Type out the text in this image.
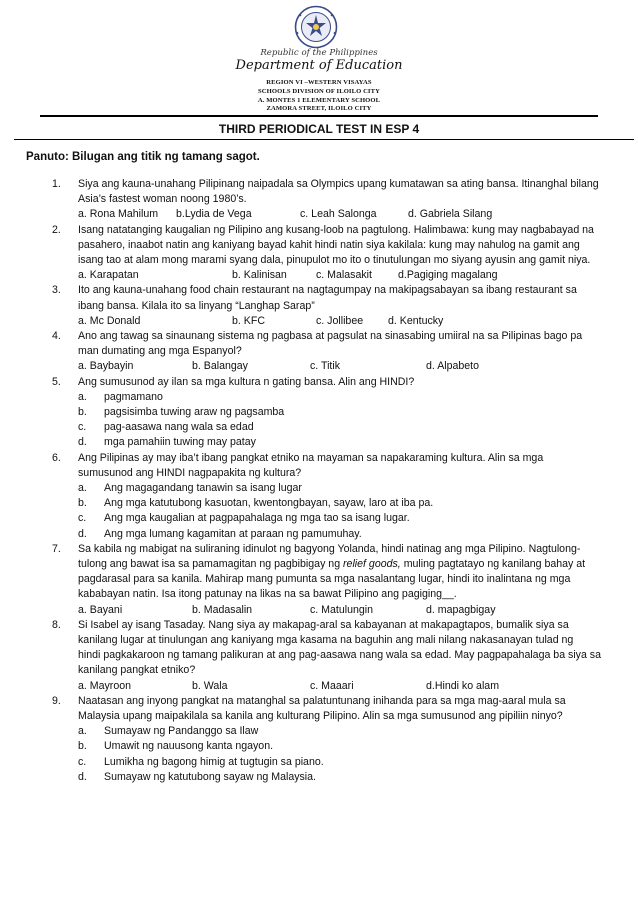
Republic of the Philippines
Department of Education
REGION VI –WESTERN VISAYAS
SCHOOLS DIVISION OF ILOILO CITY
A. MONTES 1 ELEMENTARY SCHOOL
ZAMORA STREET, ILOILO CITY
THIRD PERIODICAL TEST IN ESP 4
Panuto: Bilugan ang titik ng tamang sagot.
1. Siya ang kauna-unahang Pilipinang naipadala sa Olympics upang kumatawan sa ating bansa. Itinanghal bilang
Asia’s fastest woman noong 1980’s.
a. Rona Mahilum b.Lydia de Vega	c. Leah Salonga	d. Gabriela Silang
2. Isang natatanging kaugalian ng Pilipino ang kusang-loob na pagtulong. Halimbawa: kung may nagbabayad na
pasahero, inaabot natin ang kaniyang bayad kahit hindi natin siya kakilala: kung may nahulog na gamit ang
isang tao at alam mong marami syang dala, pinupulot mo ito o tinutulungan mo siyang ayusin ang gamit niya.
a. Karapatan	b. Kalinisan	c. Malasakit d.Pagiging magalang
3. Ito ang kauna-unahang food chain restaurant na nagtagumpay na makipagsabayan sa ibang restaurant sa
ibang bansa. Kilala ito sa linyang “Langhap Sarap”
a. Mc Donald	b. KFC	c. Jollibee d. Kentucky
4. Ano ang tawag sa sinaunang sistema ng pagbasa at pagsulat na sinasabing umiiral na sa Pilipinas bago pa
man dumating ang mga Espanyol?
a. Baybayin	b. Balangay	c. Titik	d. Alpabeto
5. Ang sumusunod ay ilan sa mga kultura n gating bansa. Alin ang HINDI?
a. pagmamano
b. pagsisimba tuwing araw ng pagsamba
c. pag-aasawa nang wala sa edad
d. mga pamahiin tuwing may patay
6. Ang Pilipinas ay may iba’t ibang pangkat etniko na mayaman sa napakaraming kultura. Alin sa mga
sumusunod ang HINDI nagpapakita ng kultura?
a. Ang magagandang tanawin sa isang lugar
b. Ang mga katutubong kasuotan, kwentongbayan, sayaw, laro at iba pa.
c. Ang mga kaugalian at pagpapahalaga ng mga tao sa isang lugar.
d. Ang mga lumang kagamitan at paraan ng pamumuhay.
7. Sa kabila ng mabigat na suliraning idinulot ng bagyong Yolanda, hindi natinag ang mga Pilipino. Nagtulong-
tulong ang bawat isa sa pamamagitan ng pagbibigay ng relief goods, muling pagtatayo ng kanilang bahay at
pagdarasal para sa kanila. Mahirap mang pumunta sa mga nasalantang lugar, hindi ito inalintana ng mga
kababayan natin. Isa itong patunay na likas na sa bawat Pilipino ang pagiging__.
a. Bayani	b. Madasalin	c. Matulungin	d. mapagbigay
8. Si Isabel ay isang Tasaday. Nang siya ay makapag-aral sa kabayanan at makapagtapos, bumalik siya sa
kanilang lugar at tinulungan ang kaniyang mga kasama na baguhin ang mali nilang nakasanayan tulad ng
hindi pagkakaroon ng tamang palikuran at ang pag-aasawa nang wala sa edad. May pagpapahalaga ba siya sa
kanilang pangkat etniko?
a. Mayroon	b. Wala	c. Maaari	d.Hindi ko alam
9. Naatasan ang inyong pangkat na matanghal sa palatuntunang inihanda para sa mga mag-aaral mula sa
Malaysia upang maipakilala sa kanila ang kulturang Pilipino. Alin sa mga sumusunod ang pipiliin ninyo?
a. Sumayaw ng Pandanggo sa Ilaw
b. Umawit ng nauusong kanta ngayon.
c. Lumikha ng bagong himig at tugtugin sa piano.
d. Sumayaw ng katutubong sayaw ng Malaysia.
